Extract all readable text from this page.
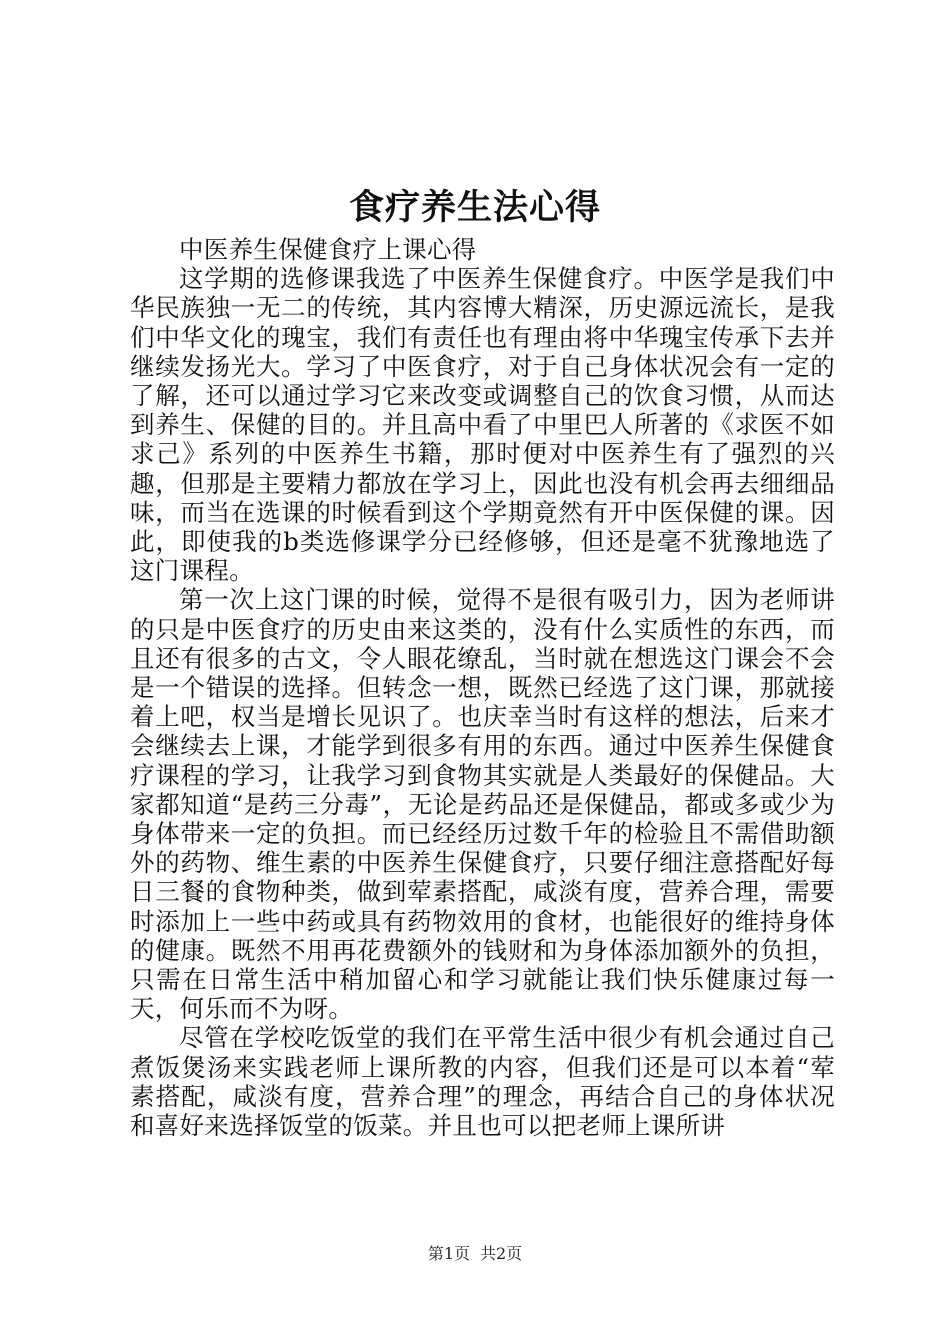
食疗养生法心得

中医养生保健食疗上课心得

这学期的选修课我选了中医养生保健食疗。中医学是我们中华民族独一无二的传统，其内容博大精深，历史源远流长，是我们中华文化的瑰宝，我们有责任也有理由将中华瑰宝传承下去并继续发扬光大。学习了中医食疗，对于自己身体状况会有一定的了解，还可以通过学习它来改变或调整自己的饮食习惯，从而达到养生、保健的目的。并且高中看了中里巴人所著的《求医不如求己》系列的中医养生书籍，那时便对中医养生有了强烈的兴趣，但那是主要精力都放在学习上，因此也没有机会再去细细品味，而当在选课的时候看到这个学期竟然有开中医保健的课。因此，即使我的b类选修课学分已经修够，但还是毫不犹豫地选了这门课程。

第一次上这门课的时候，觉得不是很有吸引力，因为老师讲的只是中医食疗的历史由来这类的，没有什么实质性的东西，而且还有很多的古文，令人眼花缭乱，当时就在想选这门课会不会是一个错误的选择。但转念一想，既然已经选了这门课，那就接着上吧，权当是增长见识了。也庆幸当时有这样的想法，后来才会继续去上课，才能学到很多有用的东西。通过中医养生保健食疗课程的学习，让我学习到食物其实就是人类最好的保健品。大家都知道“是药三分毒”，无论是药品还是保健品，都或多或少为身体带来一定的负担。而已经经历过数千年的检验且不需借助额外的药物、维生素的中医养生保健食疗，只要仔细注意搭配好每日三餐的食物种类，做到荤素搭配，咸淡有度，营养合理，需要时添加上一些中药或具有药物效用的食材，也能很好的维持身体的健康。既然不用再花费额外的钱财和为身体添加额外的负担，只需在日常生活中稍加留心和学习就能让我们快乐健康过每一天，何乐而不为呀。

尽管在学校吃饭堂的我们在平常生活中很少有机会通过自己煮饭煲汤来实践老师上课所教的内容，但我们还是可以本着“荤素搭配，咸淡有度，营养合理”的理念，再结合自己的身体状况和喜好来选择饭堂的饭菜。并且也可以把老师上课所讲

第1页 共2页
